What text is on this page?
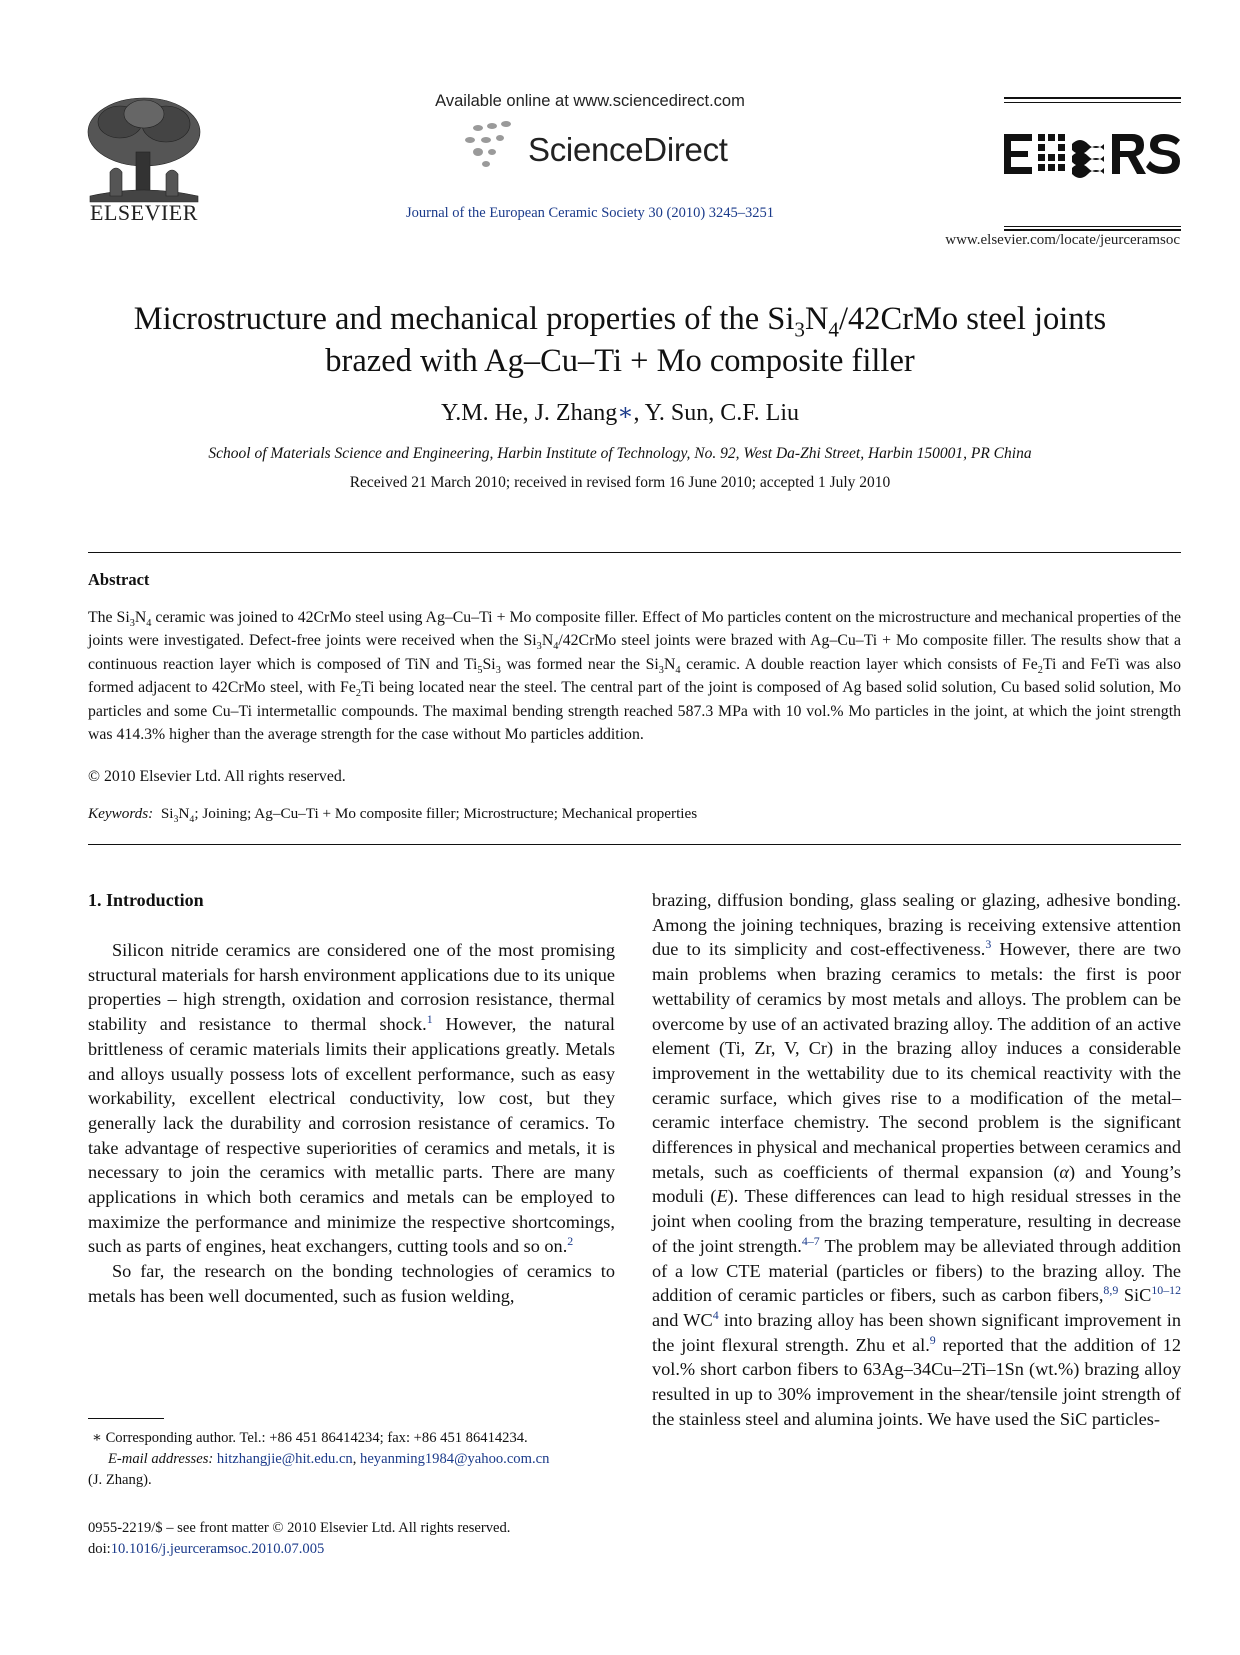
ELSEVIER
Available online at www.sciencedirect.com
ScienceDirect
Journal of the European Ceramic Society 30 (2010) 3245–3251
www.elsevier.com/locate/jeurceramsoc
Microstructure and mechanical properties of the $Si_3N_4/42CrMo$ steel joints
brazed with Ag–Cu–Ti + Mo composite filler
Y.M. He, J. Zhang∗, Y. Sun, C.F. Liu
School of Materials Science and Engineering, Harbin Institute of Technology, No. 92, West Da-Zhi Street, Harbin 150001, PR China
Received 21 March 2010; received in revised form 16 June 2010; accepted 1 July 2010
Abstract
The $Si_3N_4$ ceramic was joined to 42CrMo steel using Ag–Cu–Ti + Mo composite filler. Effect of Mo particles content on the microstructure and mechanical properties of the joints were investigated. Defect-free joints were received when the $Si_3N_4/42CrMo$ steel joints were brazed with Ag–Cu–Ti + Mo composite filler. The results show that a continuous reaction layer which is composed of TiN and $Ti_5Si_3$ was formed near the $Si_3N_4$ ceramic. A double reaction layer which consists of $Fe_2Ti$ and FeTi was also formed adjacent to 42CrMo steel, with $Fe_2Ti$ being located near the steel. The central part of the joint is composed of Ag based solid solution, Cu based solid solution, Mo particles and some Cu–Ti intermetallic compounds. The maximal bending strength reached 587.3 MPa with 10 vol.% Mo particles in the joint, at which the joint strength was 414.3% higher than the average strength for the case without Mo particles addition.
© 2010 Elsevier Ltd. All rights reserved.
Keywords:  $Si_3N_4$; Joining; Ag–Cu–Ti + Mo composite filler; Microstructure; Mechanical properties
1. Introduction

Silicon nitride ceramics are considered one of the most promising structural materials for harsh environment applications due to its unique properties – high strength, oxidation and corrosion resistance, thermal stability and resistance to thermal shock.$^1$ However, the natural brittleness of ceramic materials limits their applications greatly. Metals and alloys usually possess lots of excellent performance, such as easy workability, excellent electrical conductivity, low cost, but they generally lack the durability and corrosion resistance of ceramics. To take advantage of respective superiorities of ceramics and metals, it is necessary to join the ceramics with metallic parts. There are many applications in which both ceramics and metals can be employed to maximize the performance and minimize the respective shortcomings, such as parts of engines, heat exchangers, cutting tools and so on.$^2$

So far, the research on the bonding technologies of ceramics to metals has been well documented, such as fusion welding,

brazing, diffusion bonding, glass sealing or glazing, adhesive bonding. Among the joining techniques, brazing is receiving extensive attention due to its simplicity and cost-effectiveness.$^3$ However, there are two main problems when brazing ceramics to metals: the first is poor wettability of ceramics by most metals and alloys. The problem can be overcome by use of an activated brazing alloy. The addition of an active element (Ti, Zr, V, Cr) in the brazing alloy induces a considerable improvement in the wettability due to its chemical reactivity with the ceramic surface, which gives rise to a modification of the metal–ceramic interface chemistry. The second problem is the significant differences in physical and mechanical properties between ceramics and metals, such as coefficients of thermal expansion (α) and Young’s moduli (E). These differences can lead to high residual stresses in the joint when cooling from the brazing temperature, resulting in decrease of the joint strength.$^{4-7}$ The problem may be alleviated through addition of a low CTE material (particles or fibers) to the brazing alloy. The addition of ceramic particles or fibers, such as carbon fibers,$^{8,9}$ SiC$^{10-12}$ and $WC^4$ into brazing alloy has been shown significant improvement in the joint flexural strength. Zhu et al.$^9$ reported that the addition of 12 vol.% short carbon fibers to 63Ag–34Cu–2Ti–1Sn (wt.%) brazing alloy resulted in up to 30% improvement in the shear/tensile joint strength of the stainless steel and alumina joints. We have used the SiC particles-

∗ Corresponding author. Tel.: +86 451 86414234; fax: +86 451 86414234.
E-mail addresses: hitzhangjie@hit.edu.cn, heyanming1984@yahoo.com.cn
(J. Zhang).
0955-2219/$ – see front matter © 2010 Elsevier Ltd. All rights reserved.
doi:10.1016/j.jeurceramsoc.2010.07.005
